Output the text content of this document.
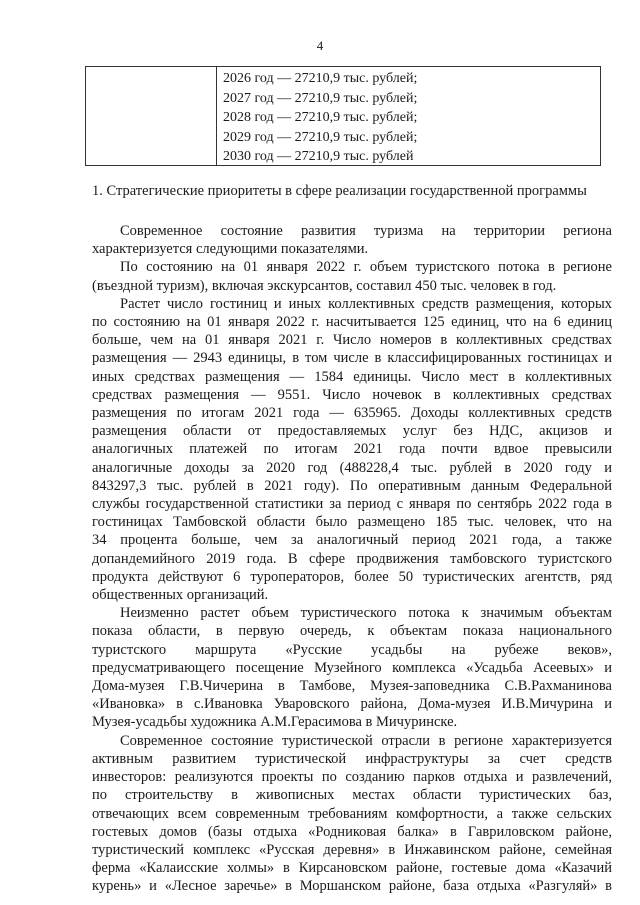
4
2026 год — 27210,9 тыс. рублей;
2027 год — 27210,9 тыс. рублей;
2028 год — 27210,9 тыс. рублей;
2029 год — 27210,9 тыс. рублей;
2030 год — 27210,9 тыс. рублей
1. Стратегические приоритеты в сфере реализации государственной программы

Современное состояние развития туризма на территории региона
характеризуется следующими показателями.

По состоянию на 01 января 2022 г. объем туристского потока в регионе
(въездной туризм), включая экскурсантов, составил 450 тыс. человек в год.

Растет число гостиниц и иных коллективных средств размещения, которых
по состоянию на 01 января 2022 г. насчитывается 125 единиц, что на 6 единиц
больше, чем на 01 января 2021 г. Число номеров в коллективных средствах
размещения — 2943 единицы, в том числе в классифицированных гостиницах и
иных средствах размещения — 1584 единицы. Число мест в коллективных
средствах размещения — 9551. Число ночевок в коллективных средствах
размещения по итогам 2021 года — 635965. Доходы коллективных средств
размещения области от предоставляемых услуг без НДС, акцизов и
аналогичных платежей по итогам 2021 года почти вдвое превысили
аналогичные доходы за 2020 год (488228,4 тыс. рублей в 2020 году и
843297,3 тыс. рублей в 2021 году). По оперативным данным Федеральной
службы государственной статистики за период с января по сентябрь 2022 года в
гостиницах Тамбовской области было размещено 185 тыс. человек, что на
34 процента больше, чем за аналогичный период 2021 года, а также
допандемийного 2019 года. В сфере продвижения тамбовского туристского
продукта действуют 6 туроператоров, более 50 туристических агентств, ряд
общественных организаций.

Неизменно растет объем туристического потока к значимым объектам
показа области, в первую очередь, к объектам показа национального
туристского маршрута «Русские усадьбы на рубеже веков»,
предусматривающего посещение Музейного комплекса «Усадьба Асеевых» и
Дома-музея Г.В.Чичерина в Тамбове, Музея-заповедника С.В.Рахманинова
«Ивановка» в с.Ивановка Уваровского района, Дома-музея И.В.Мичурина и
Музея-усадьбы художника А.М.Герасимова в Мичуринске.

Современное состояние туристической отрасли в регионе характеризуется
активным развитием туристической инфраструктуры за счет средств
инвесторов: реализуются проекты по созданию парков отдыха и развлечений,
по строительству в живописных местах области туристических баз,
отвечающих всем современным требованиям комфортности, а также сельских
гостевых домов (базы отдыха «Родниковая балка» в Гавриловском районе,
туристический комплекс «Русская деревня» в Инжавинском районе, семейная
ферма «Калаисские холмы» в Кирсановском районе, гостевые дома «Казачий
курень» и «Лесное заречье» в Моршанском районе, база отдыха «Разгуляй» в
